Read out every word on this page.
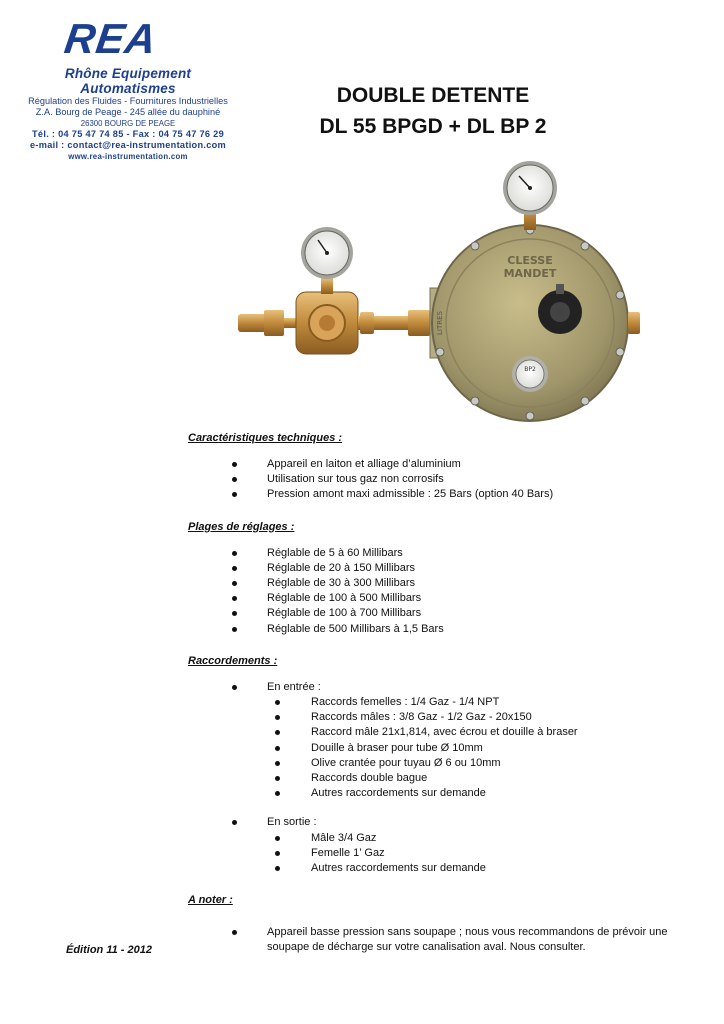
REA
Rhône Equipement Automatismes
Régulation des Fluides - Fournitures Industrielles
Z.A. Bourg de Peage - 245 allée du dauphiné
26300 BOURG DE PEAGE
Tél. : 04 75 47 74 85 - Fax : 04 75 47 76 29
e-mail : contact@rea-instrumentation.com
www.rea-instrumentation.com
DOUBLE DETENTE
DL 55 BPGD + DL BP 2
CLESSE
MANDET
LITRES
BP2

Caractéristiques techniques :

Appareil en laiton et alliage d’aluminium
Utilisation sur tous gaz non corrosifs
Pression amont maxi admissible : 25 Bars (option 40 Bars)

Plages de réglages :

Réglable de 5 à 60 Millibars
Réglable de 20 à 150 Millibars
Réglable de 30 à 300 Millibars
Réglable de 100 à 500 Millibars
Réglable de 100 à 700 Millibars
Réglable de 500 Millibars à 1,5 Bars

Raccordements :

En entrée :
Raccords femelles : 1/4 Gaz - 1/4 NPT
Raccords mâles : 3/8 Gaz - 1/2 Gaz - 20x150
Raccord mâle 21x1,814, avec écrou et douille à braser
Douille à braser pour tube Ø 10mm
Olive crantée pour tuyau Ø 6 ou 10mm
Raccords double bague
Autres raccordements sur demande
En sortie :
Mâle 3/4 Gaz
Femelle 1’ Gaz
Autres raccordements sur demande

A noter :

Appareil basse pression sans soupape ; nous vous recommandons de prévoir une soupape de décharge sur votre canalisation aval. Nous consulter.
Édition 11 - 2012
